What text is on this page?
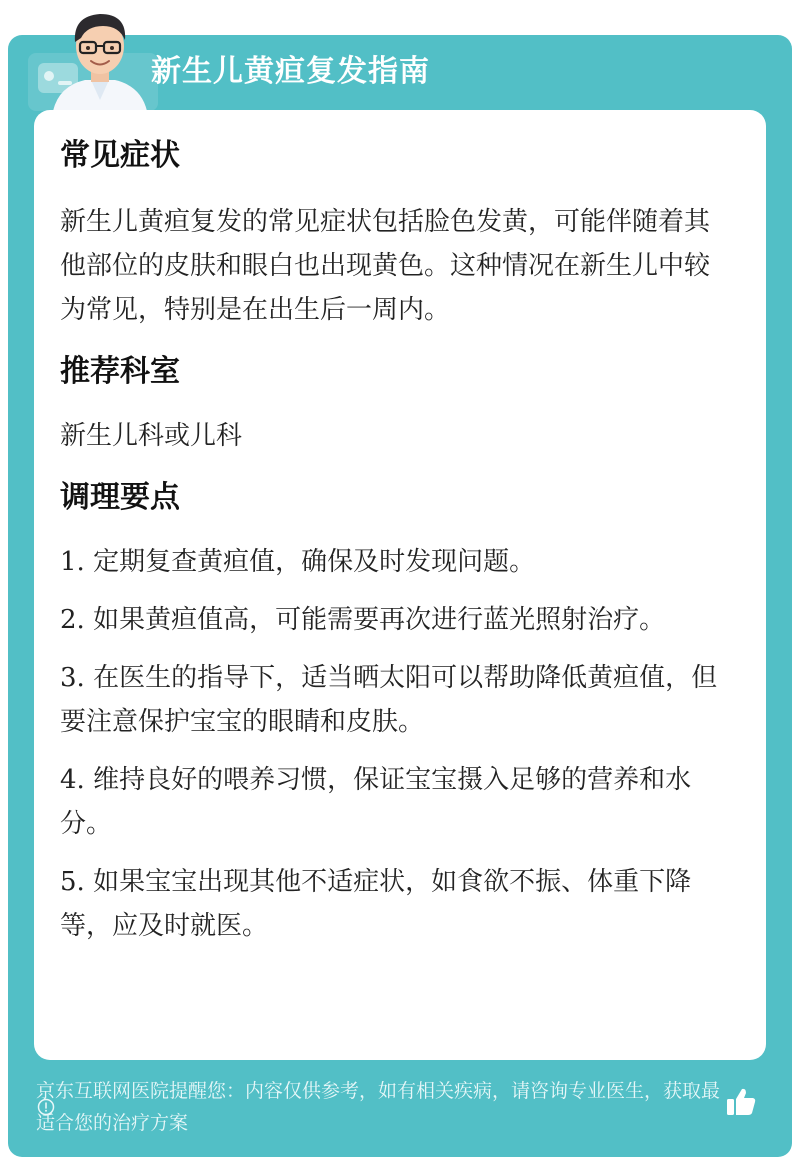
新生儿黄疸复发指南
常见症状

新生儿黄疸复发的常见症状包括脸色发黄，可能伴随着其他部位的皮肤和眼白也出现黄色。这种情况在新生儿中较为常见，特别是在出生后一周内。

推荐科室

新生儿科或儿科

调理要点

1. 定期复查黄疸值，确保及时发现问题。

2. 如果黄疸值高，可能需要再次进行蓝光照射治疗。

3. 在医生的指导下，适当晒太阳可以帮助降低黄疸值，但要注意保护宝宝的眼睛和皮肤。

4. 维持良好的喂养习惯，保证宝宝摄入足够的营养和水分。

5. 如果宝宝出现其他不适症状，如食欲不振、体重下降等，应及时就医。

京东互联网医院提醒您：内容仅供参考，如有相关疾病，请咨询专业医生，获取最适合您的治疗方案
